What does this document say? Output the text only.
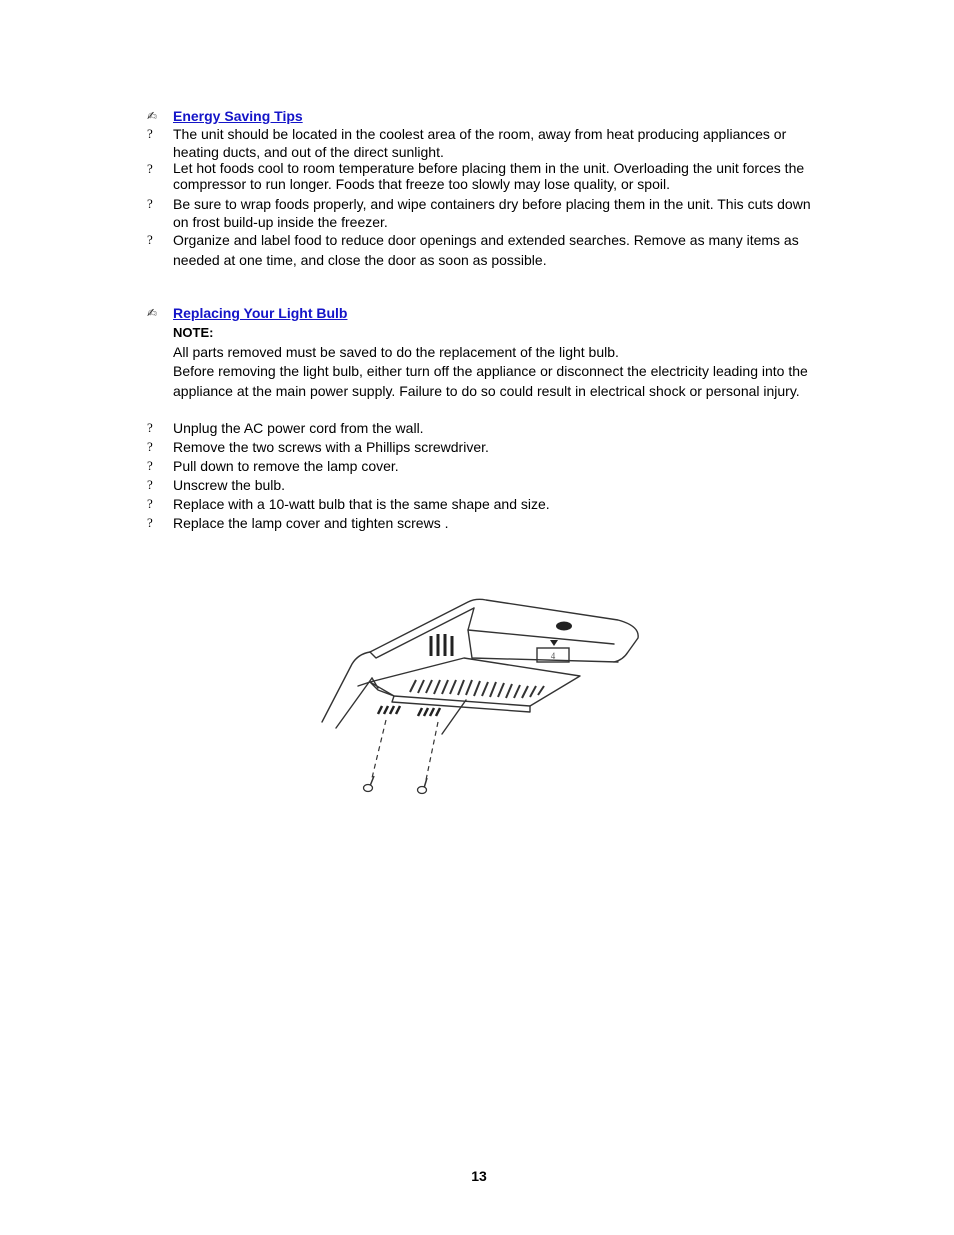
✍	Energy Saving Tips
?	The unit should be located in the coolest area of the room, away from heat producing appliances or heating ducts, and out of the direct sunlight.
?	Let hot foods cool to room temperature before placing them in the unit. Overloading the unit forces the compressor to run longer. Foods that freeze too slowly may lose quality, or spoil.
?	Be sure to wrap foods properly, and wipe containers dry before placing them in the unit. This cuts down on frost build-up inside the freezer.
?	Organize and label food to reduce door openings and extended searches. Remove as many items as needed at one time, and close the door as soon as possible.
✍	Replacing Your Light Bulb
NOTE:
All parts removed must be saved to do the replacement of the light bulb.
Before removing the light bulb, either turn off the appliance or disconnect the electricity leading into the appliance at the main power supply. Failure to do so could result in electrical shock or personal injury.
?	Unplug the AC power cord from the wall.
?	Remove the two screws with a Phillips screwdriver.
?	Pull down to remove the lamp cover.
?	Unscrew the bulb.
?	Replace with a 10-watt bulb that is the same shape and size.
?	Replace the lamp cover and tighten screws .
4
13
